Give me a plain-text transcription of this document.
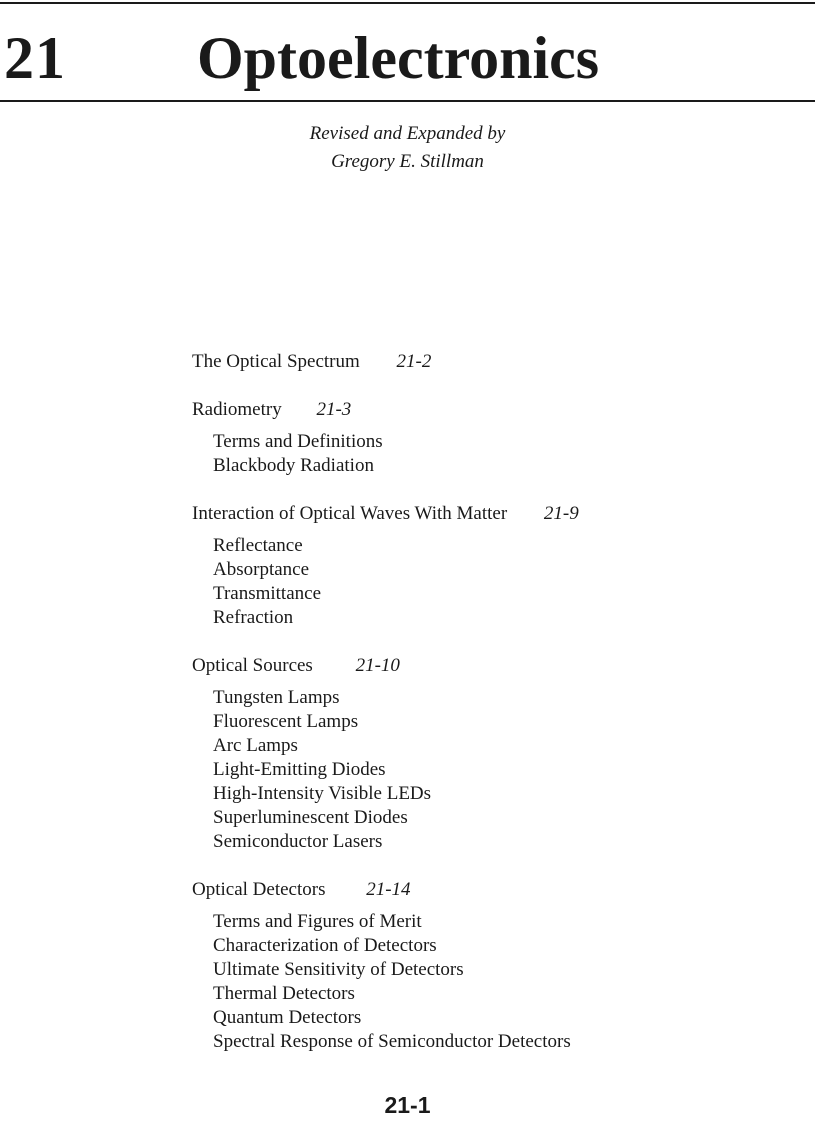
21 Optoelectronics
Revised and Expanded by
Gregory E. Stillman
The Optical Spectrum 21-2
Radiometry 21-3
Terms and Definitions
Blackbody Radiation
Interaction of Optical Waves With Matter 21-9
Reflectance
Absorptance
Transmittance
Refraction
Optical Sources 21-10
Tungsten Lamps
Fluorescent Lamps
Arc Lamps
Light-Emitting Diodes
High-Intensity Visible LEDs
Superluminescent Diodes
Semiconductor Lasers
Optical Detectors 21-14
Terms and Figures of Merit
Characterization of Detectors
Ultimate Sensitivity of Detectors
Thermal Detectors
Quantum Detectors
Spectral Response of Semiconductor Detectors
21-1
